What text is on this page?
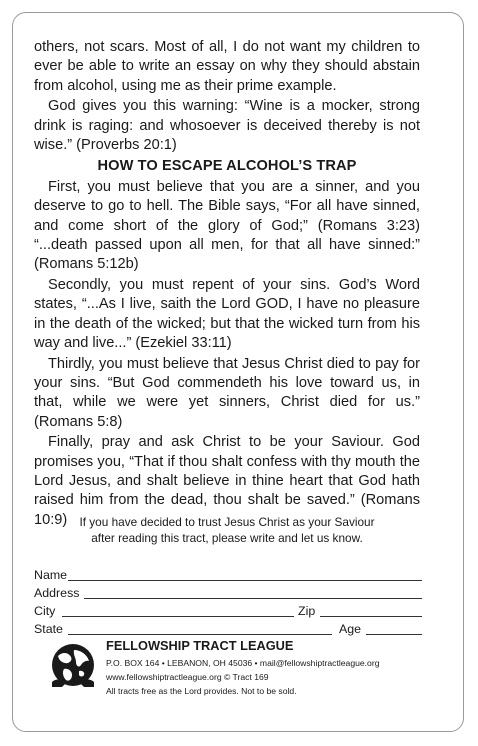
others, not scars. Most of all, I do not want my children to ever be able to write an essay on why they should abstain from alcohol, using me as their prime example.

God gives you this warning: “Wine is a mocker, strong drink is raging: and whosoever is deceived thereby is not wise.” (Proverbs 20:1)

HOW TO ESCAPE ALCOHOL’S TRAP

First, you must believe that you are a sinner, and you deserve to go to hell. The Bible says, “For all have sinned, and come short of the glory of God;” (Romans 3:23) “...death passed upon all men, for that all have sinned:” (Romans 5:12b)

Secondly, you must repent of your sins. God’s Word states, “...As I live, saith the Lord GOD, I have no pleasure in the death of the wicked; but that the wicked turn from his way and live...” (Ezekiel 33:11)

Thirdly, you must believe that Jesus Christ died to pay for your sins. “But God commendeth his love toward us, in that, while we were yet sinners, Christ died for us.” (Romans 5:8)

Finally, pray and ask Christ to be your Saviour. God promises you, “That if thou shalt confess with thy mouth the Lord Jesus, and shalt believe in thine heart that God hath raised him from the dead, thou shalt be saved.” (Romans 10:9)	If you have decided to trust Jesus Christ as your Saviour
after reading this tract, please write and let us know.
Name
Address
City	Zip
State	Age
FELLOWSHIP TRACT LEAGUE
P.O. BOX 164 • LEBANON, OH 45036 • mail@fellowshiptractleague.org
www.fellowshiptractleague.org © Tract 169
All tracts free as the Lord provides. Not to be sold.
